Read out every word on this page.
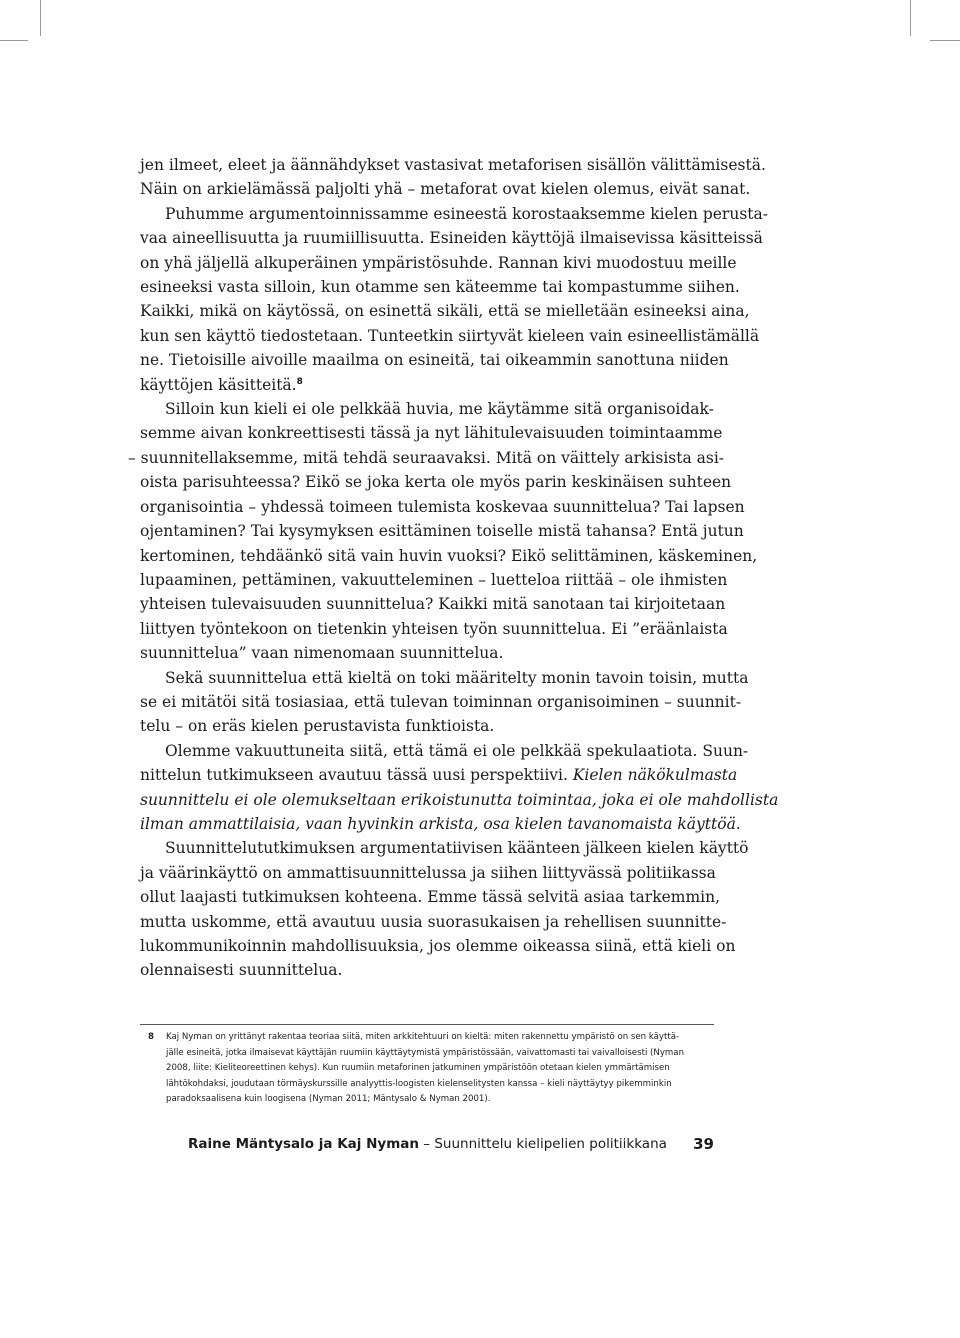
jen ilmeet, eleet ja äännähdykset vastasivat metaforisen sisällön välittämisestä.
Näin on arkielämässä paljolti yhä – metaforat ovat kielen olemus, eivät sanat.
Puhumme argumentoinnissamme esineestä korostaaksemme kielen perusta-
vaa aineellisuutta ja ruumiillisuutta. Esineiden käyttöjä ilmaisevissa käsitteissä
on yhä jäljellä alkuperäinen ympäristösuhde. Rannan kivi muodostuu meille
esineeksi vasta silloin, kun otamme sen käteemme tai kompastumme siihen.
Kaikki, mikä on käytössä, on esinettä sikäli, että se mielletään esineeksi aina,
kun sen käyttö tiedostetaan. Tunteetkin siirtyvät kieleen vain esineellistämällä
ne. Tietoisille aivoille maailma on esineitä, tai oikeammin sanottuna niiden
käyttöjen käsitteitä.$^8$
Silloin kun kieli ei ole pelkkää huvia, me käytämme sitä organisoidak-
semme aivan konkreettisesti tässä ja nyt lähitulevaisuuden toimintaamme
– suunnitellaksemme, mitä tehdä seuraavaksi. Mitä on väittely arkisista asi-
oista parisuhteessa? Eikö se joka kerta ole myös parin keskinäisen suhteen
organisointia – yhdessä toimeen tulemista koskevaa suunnittelua? Tai lapsen
ojentaminen? Tai kysymyksen esittäminen toiselle mistä tahansa? Entä jutun
kertominen, tehdäänkö sitä vain huvin vuoksi? Eikö selittäminen, käskeminen,
lupaaminen, pettäminen, vakuutteleminen – luetteloa riittää – ole ihmisten
yhteisen tulevaisuuden suunnittelua? Kaikki mitä sanotaan tai kirjoitetaan
liittyen työntekoon on tietenkin yhteisen työn suunnittelua. Ei ”eräänlaista
suunnittelua” vaan nimenomaan suunnittelua.
Sekä suunnittelua että kieltä on toki määritelty monin tavoin toisin, mutta
se ei mitätöi sitä tosiasiaa, että tulevan toiminnan organisoiminen – suunnit-
telu – on eräs kielen perustavista funktioista.
Olemme vakuuttuneita siitä, että tämä ei ole pelkkää spekulaatiota. Suun-
nittelun tutkimukseen avautuu tässä uusi perspektiivi. Kielen näkökulmasta
suunnittelu ei ole olemukseltaan erikoistunutta toimintaa, joka ei ole mahdollista
ilman ammattilaisia, vaan hyvinkin arkista, osa kielen tavanomaista käyttöä.
Suunnittelututkimuksen argumentatiivisen käänteen jälkeen kielen käyttö
ja väärinkäyttö on ammattisuunnittelussa ja siihen liittyvässä politiikassa
ollut laajasti tutkimuksen kohteena. Emme tässä selvitä asiaa tarkemmin,
mutta uskomme, että avautuu uusia suorasukaisen ja rehellisen suunnitte-
lukommunikoinnin mahdollisuuksia, jos olemme oikeassa siinä, että kieli on
olennaisesti suunnittelua.
8 Kaj Nyman on yrittänyt rakentaa teoriaa siitä, miten arkkitehtuuri on kieltä: miten rakennettu ympäristö on sen käyttä-
jälle esineitä, jotka ilmaisevat käyttäjän ruumiin käyttäytymistä ympäristössään, vaivattomasti tai vaivalloisesti (Nyman
2008, liite: Kieliteoreettinen kehys). Kun ruumiin metaforinen jatkuminen ympäristöön otetaan kielen ymmärtämisen
lähtökohdaksi, joudutaan törmäyskurssille analyyttis-loogisten kielenselitysten kanssa – kieli näyttäytyy pikemminkin
paradoksaalisena kuin loogisena (Nyman 2011; Mäntysalo & Nyman 2001).
Raine Mäntysalo ja Kaj Nyman – Suunnittelu kielipelien politiikkana 39
